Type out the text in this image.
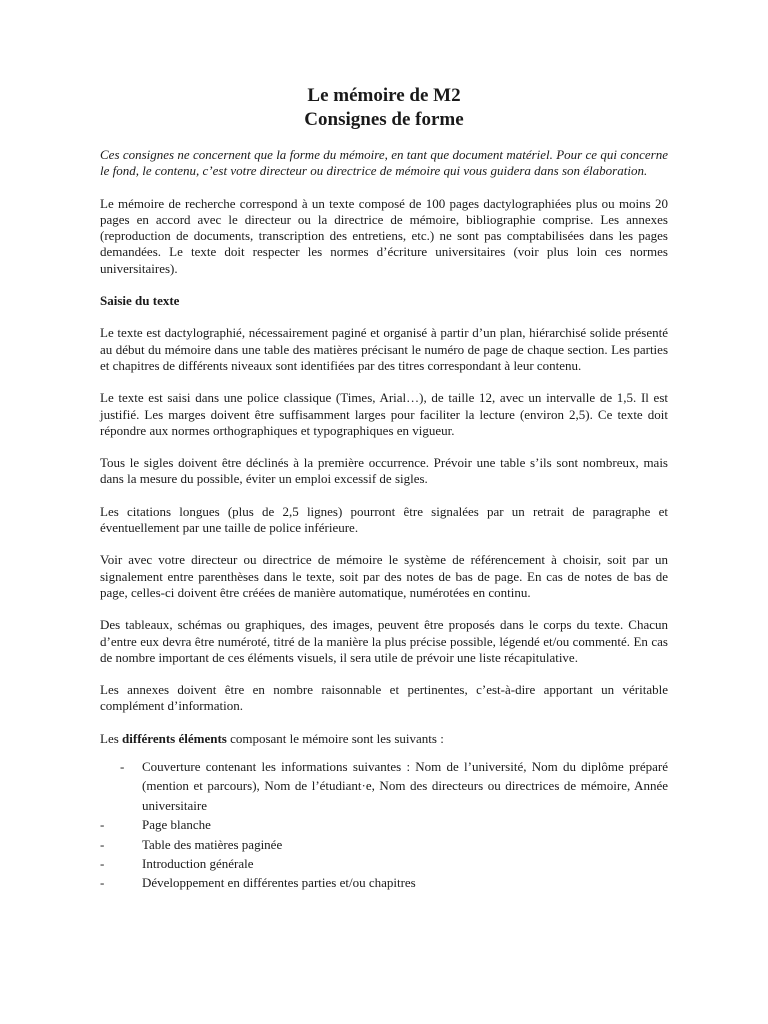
Le mémoire de M2
Consignes de forme

Ces consignes ne concernent que la forme du mémoire, en tant que document matériel. Pour ce qui concerne le fond, le contenu, c’est votre directeur ou directrice de mémoire qui vous guidera dans son élaboration.

Le mémoire de recherche correspond à un texte composé de 100 pages dactylographiées plus ou moins 20 pages en accord avec le directeur ou la directrice de mémoire, bibliographie comprise. Les annexes (reproduction de documents, transcription des entretiens, etc.) ne sont pas comptabilisées dans les pages demandées. Le texte doit respecter les normes d’écriture universitaires (voir plus loin ces normes universitaires).

Saisie du texte

Le texte est dactylographié, nécessairement paginé et organisé à partir d’un plan, hiérarchisé solide présenté au début du mémoire dans une table des matières précisant le numéro de page de chaque section. Les parties et chapitres de différents niveaux sont identifiées par des titres correspondant à leur contenu.

Le texte est saisi dans une police classique (Times, Arial…), de taille 12, avec un intervalle de 1,5. Il est justifié. Les marges doivent être suffisamment larges pour faciliter la lecture (environ 2,5). Ce texte doit répondre aux normes orthographiques et typographiques en vigueur.

Tous le sigles doivent être déclinés à la première occurrence. Prévoir une table s’ils sont nombreux, mais dans la mesure du possible, éviter un emploi excessif de sigles.

Les citations longues (plus de 2,5 lignes) pourront être signalées par un retrait de paragraphe et éventuellement par une taille de police inférieure.

Voir avec votre directeur ou directrice de mémoire le système de référencement à choisir, soit par un signalement entre parenthèses dans le texte, soit par des notes de bas de page. En cas de notes de bas de page, celles-ci doivent être créées de manière automatique, numérotées en continu.

Des tableaux, schémas ou graphiques, des images, peuvent être proposés dans le corps du texte. Chacun d’entre eux devra être numéroté, titré de la manière la plus précise possible, légendé et/ou commenté. En cas de nombre important de ces éléments visuels, il sera utile de prévoir une liste récapitulative.

Les annexes doivent être en nombre raisonnable et pertinentes, c’est-à-dire apportant un véritable complément d’information.

Les différents éléments composant le mémoire sont les suivants :

- Couverture contenant les informations suivantes : Nom de l’université, Nom du diplôme préparé (mention et parcours), Nom de l’étudiant·e, Nom des directeurs ou directrices de mémoire, Année universitaire
-	Page blanche
-	Table des matières paginée
-	Introduction générale
-	Développement en différentes parties et/ou chapitres
